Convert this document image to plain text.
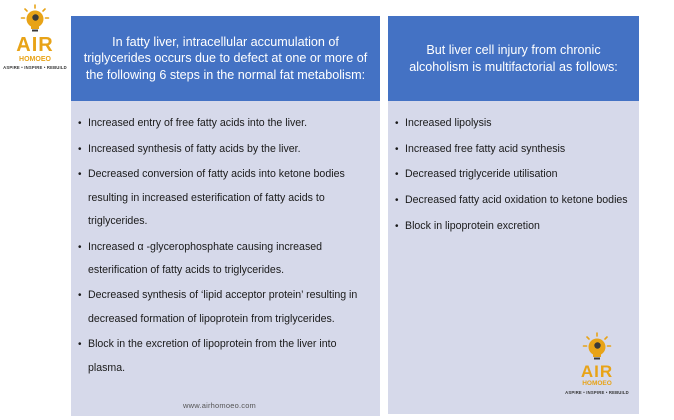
AIR
HOMOEO
ASPIRE • INSPIRE • REBUILD
In fatty liver, intracellular accumulation of triglycerides occurs due to defect at one or more of the following 6 steps in the normal fat metabolism:
• Increased entry of free fatty acids into the liver.
• Increased synthesis of fatty acids by the liver.
• Decreased conversion of fatty acids into ketone bodies resulting in increased esterification of fatty acids to triglycerides.
• Increased α -glycerophosphate causing increased esterification of fatty acids to triglycerides.
• Decreased synthesis of ‘lipid acceptor protein’ resulting in decreased formation of lipoprotein from triglycerides.
• Block in the excretion of lipoprotein from the liver into plasma.
But liver cell injury from chronic alcoholism is multifactorial as follows:
• Increased lipolysis
• Increased free fatty acid synthesis
• Decreased triglyceride utilisation
• Decreased fatty acid oxidation to ketone bodies
• Block in lipoprotein excretion
AIR
HOMOEO
ASPIRE • INSPIRE • REBUILD
www.airhomoeo.com
